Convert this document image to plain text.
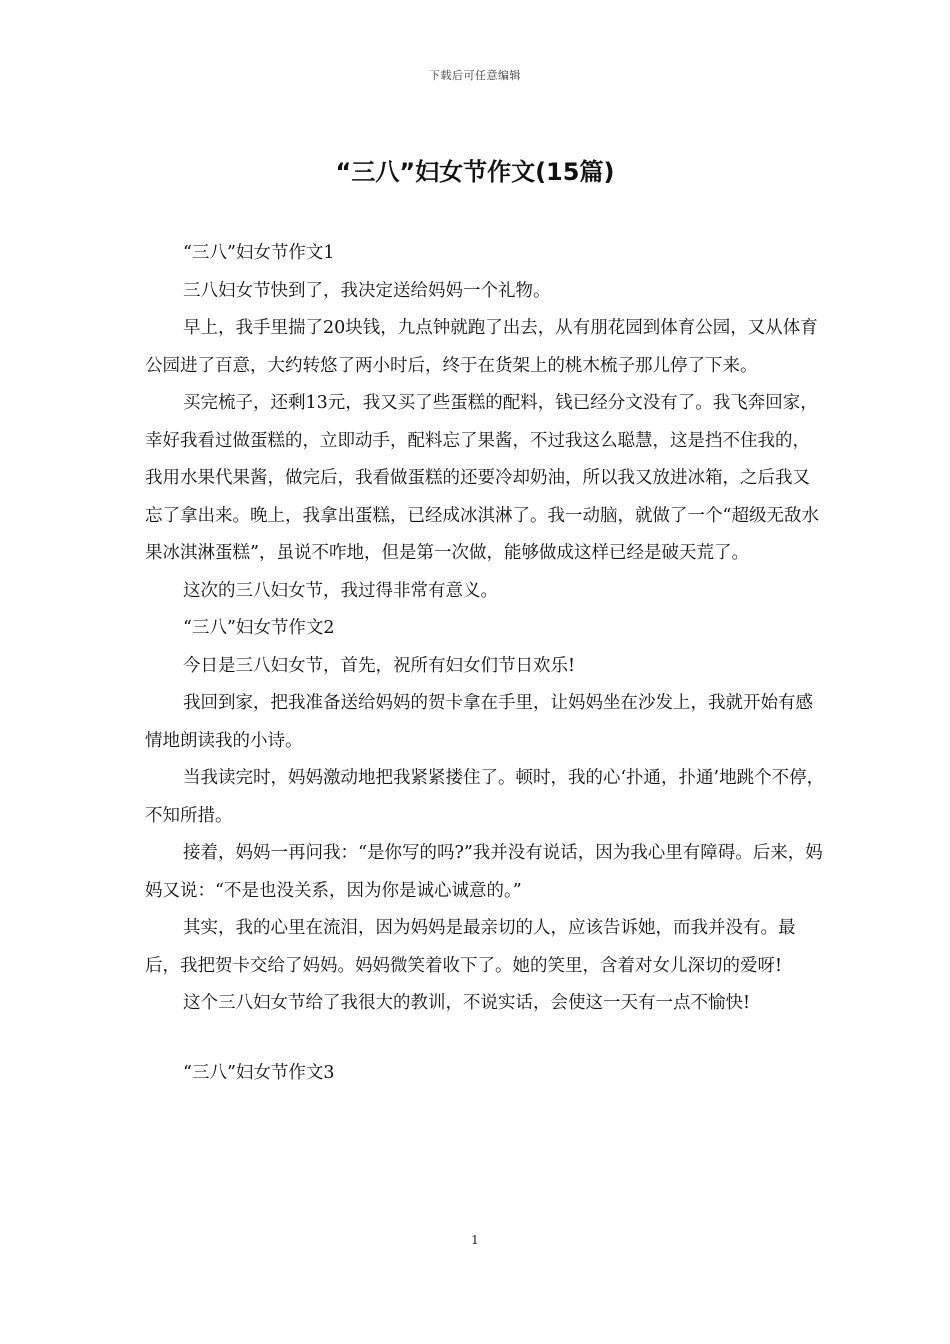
下载后可任意编辑
“三八”妇女节作文(15篇)

“三八”妇女节作文1

三八妇女节快到了，我决定送给妈妈一个礼物。

早上，我手里揣了20块钱，九点钟就跑了出去，从有朋花园到体育公园，又从体育公园进了百意，大约转悠了两小时后，终于在货架上的桃木梳子那儿停了下来。

买完梳子，还剩13元，我又买了些蛋糕的配料，钱已经分文没有了。我飞奔回家，幸好我看过做蛋糕的，立即动手，配料忘了果酱，不过我这么聪慧，这是挡不住我的，我用水果代果酱，做完后，我看做蛋糕的还要冷却奶油，所以我又放进冰箱，之后我又忘了拿出来。晚上，我拿出蛋糕，已经成冰淇淋了。我一动脑，就做了一个“超级无敌水果冰淇淋蛋糕”，虽说不咋地，但是第一次做，能够做成这样已经是破天荒了。

这次的三八妇女节，我过得非常有意义。

“三八”妇女节作文2

今日是三八妇女节，首先，祝所有妇女们节日欢乐!

我回到家，把我准备送给妈妈的贺卡拿在手里，让妈妈坐在沙发上，我就开始有感情地朗读我的小诗。

当我读完时，妈妈激动地把我紧紧搂住了。顿时，我的心‘扑通，扑通’地跳个不停，不知所措。

接着，妈妈一再问我：“是你写的吗?”我并没有说话，因为我心里有障碍。后来，妈妈又说：“不是也没关系，因为你是诚心诚意的。”

其实，我的心里在流泪，因为妈妈是最亲切的人，应该告诉她，而我并没有。最后，我把贺卡交给了妈妈。妈妈微笑着收下了。她的笑里，含着对女儿深切的爱呀!

这个三八妇女节给了我很大的教训，不说实话，会使这一天有一点不愉快!

“三八”妇女节作文3

1
